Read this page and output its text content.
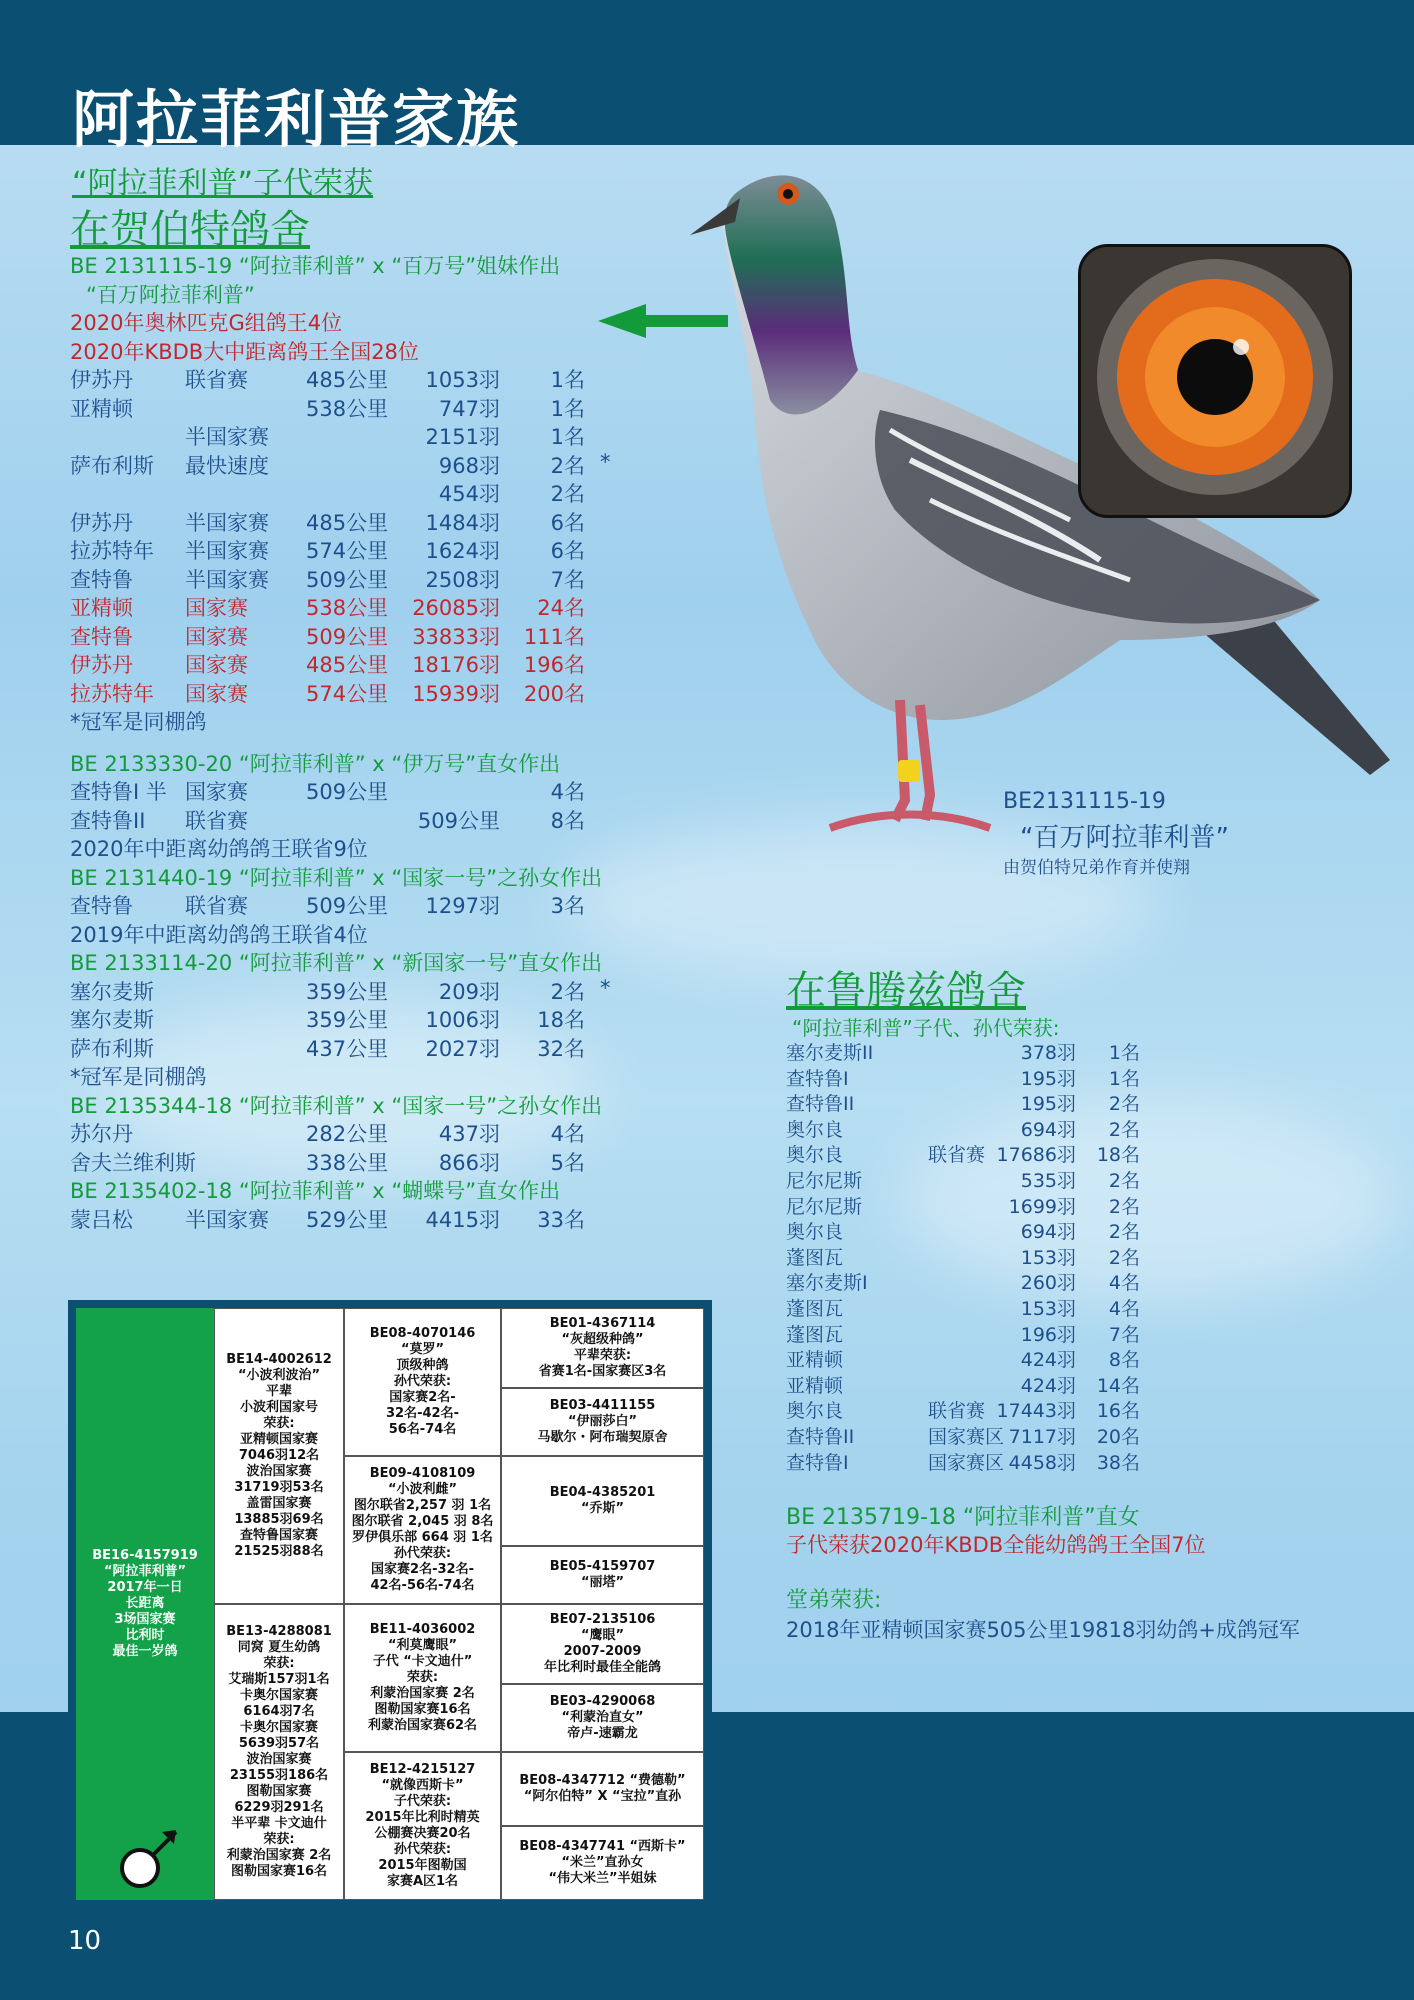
阿拉菲利普家族
“阿拉菲利普”子代荣获
在贺伯特鸽舍
BE2131115-19
“百万阿拉菲利普”
由贺伯特兄弟作育并使翔
在鲁腾兹鸽舍
“阿拉菲利普”子代、孙代荣获:
BE 2135719-18 “阿拉菲利普”直女
子代荣获2020年KBDB全能幼鸽鸽王全国7位
堂弟荣获:
2018年亚精顿国家赛505公里19818羽幼鸽+成鸽冠军
BE16-4157919
“阿拉菲利普”
2017年一日
长距离
3场国家赛
比利时
最佳一岁鸽
BE14-4002612
“小波利波治”
平辈
小波利国家号
荣获:
亚精顿国家赛
7046羽12名
波治国家赛
31719羽53名
盖雷国家赛
13885羽69名
查特鲁国家赛
21525羽88名
BE13-4288081
同窝 夏生幼鸽
荣获:
艾瑞斯157羽1名
卡奥尔国家赛
6164羽7名
卡奥尔国家赛
5639羽57名
波治国家赛
23155羽186名
图勒国家赛
6229羽291名
半平辈 卡文迪什
荣获:
利蒙治国家赛 2名
图勒国家赛16名
BE08-4070146
“莫罗”
顶级种鸽
孙代荣获:
国家赛2名-
32名-42名-
56名-74名
BE09-4108109
“小波利雌”
图尔联省2,257 羽 1名
图尔联省 2,045 羽 8名
罗伊俱乐部 664 羽 1名
孙代荣获:
国家赛2名-32名-
42名-56名-74名
BE11-4036002
“利莫鹰眼”
子代 “卡文迪什”
荣获:
利蒙治国家赛 2名
图勒国家赛16名
利蒙治国家赛62名
BE12-4215127
“就像西斯卡”
子代荣获:
2015年比利时精英
公棚赛决赛20名
孙代荣获:
2015年图勒国
家赛A区1名
BE01-4367114
“灰超级种鸽”
平辈荣获:
省赛1名-国家赛区3名
BE03-4411155
“伊丽莎白”
马歇尔・阿布瑞契原舍
BE04-4385201
“乔斯”
BE05-4159707
“丽塔”
BE07-2135106
“鹰眼”
2007-2009
年比利时最佳全能鸽
BE03-4290068
“利蒙治直女”
帝卢-速霸龙
BE08-4347712 “费德勒”
“阿尔伯特” X “宝拉”直孙
BE08-4347741 “西斯卡”
“米兰”直孙女
“伟大米兰”半姐妹
10
BE 2131115-19 “阿拉菲利普” x “百万号”姐妹作出
“百万阿拉菲利普”
2020年奥林匹克G组鸽王4位
2020年KBDB大中距离鸽王全国28位
伊苏丹 联省赛	485公里 1053羽 1名
亚精顿	538公里 747羽 1名
半国家赛	2151羽 1名
萨布利斯 最快速度	968羽 2名 *
454羽 2名
伊苏丹 半国家赛 485公里 1484羽 6名
拉苏特年 半国家赛 574公里 1624羽 6名
查特鲁 半国家赛 509公里 2508羽 7名
亚精顿 国家赛	538公里 26085羽 24名
查特鲁 国家赛	509公里 33833羽 111名
伊苏丹 国家赛	485公里 18176羽 196名
拉苏特年 国家赛	574公里 15939羽 200名
*冠军是同棚鸽
BE 2133330-20 “阿拉菲利普” x “伊万号”直女作出
查特鲁I 半 国家赛	509公里	4名
查特鲁II 联省赛	509公里 8名
2020年中距离幼鸽鸽王联省9位
BE 2131440-19 “阿拉菲利普” x “国家一号”之孙女作出
查特鲁 联省赛	509公里 1297羽 3名
2019年中距离幼鸽鸽王联省4位
BE 2133114-20 “阿拉菲利普” x “新国家一号”直女作出
塞尔麦斯	359公里 209羽 2名 *
塞尔麦斯	359公里 1006羽 18名
萨布利斯	437公里 2027羽 32名
*冠军是同棚鸽
BE 2135344-18 “阿拉菲利普” x “国家一号”之孙女作出
苏尔丹	282公里 437羽 4名
舍夫兰维利斯	338公里 866羽 5名
BE 2135402-18 “阿拉菲利普” x “蝴蝶号”直女作出
蒙吕松 半国家赛 529公里 4415羽 33名
塞尔麦斯II	378羽 1名
查特鲁I	195羽 1名
查特鲁II	195羽 2名
奥尔良	694羽 2名
奥尔良	联省赛 17686羽 18名
尼尔尼斯	535羽 2名
尼尔尼斯	1699羽 2名
奥尔良	694羽 2名
蓬图瓦	153羽 2名
塞尔麦斯I	260羽 4名
蓬图瓦	153羽 4名
蓬图瓦	196羽 7名
亚精顿	424羽 8名
亚精顿	424羽 14名
奥尔良	联省赛 17443羽 16名
查特鲁II	国家赛区 7117羽 20名
查特鲁I	国家赛区 4458羽 38名
